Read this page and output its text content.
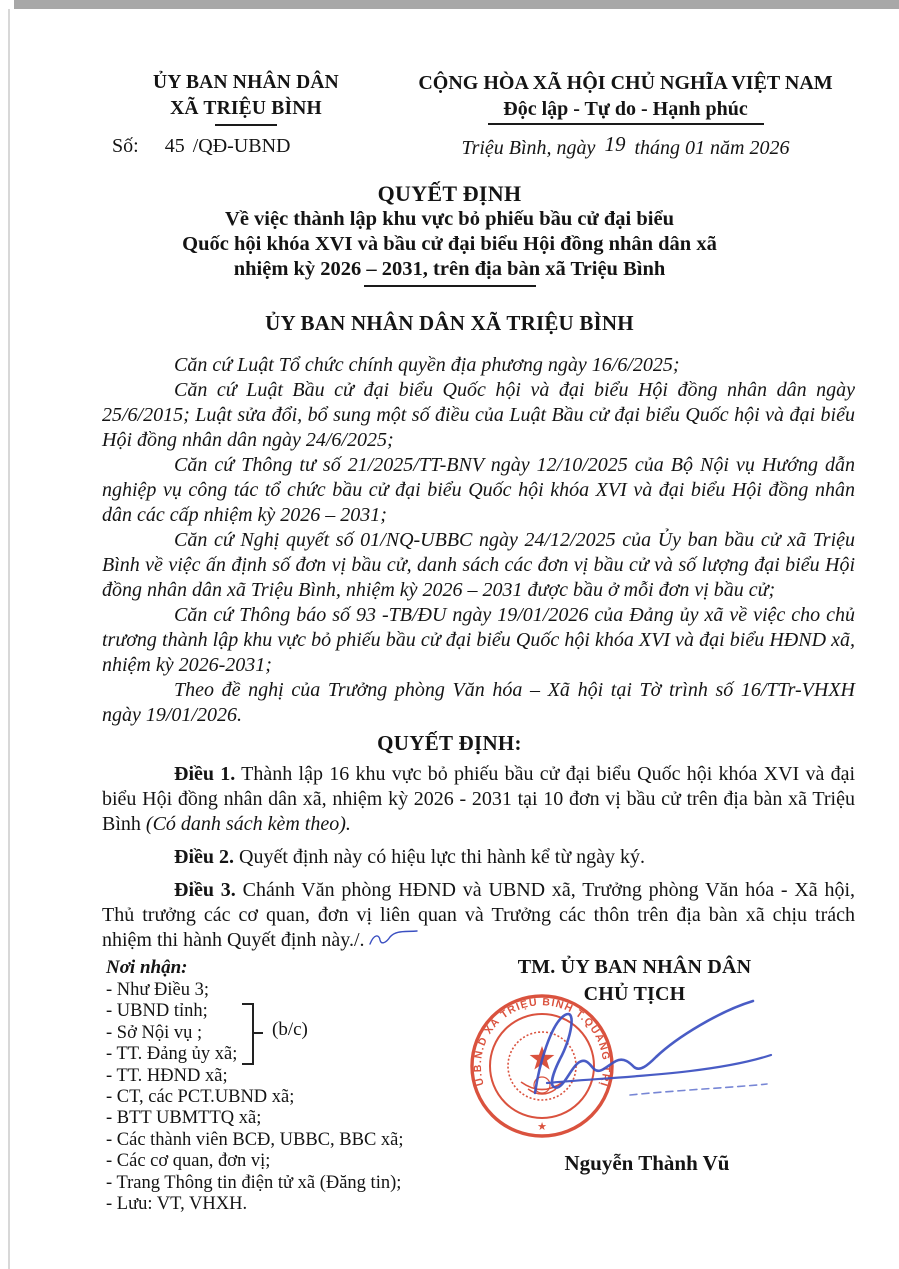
ỦY BAN NHÂN DÂN
XÃ TRIỆU BÌNH
CỘNG HÒA XÃ HỘI CHỦ NGHĨA VIỆT NAM
Độc lập - Tự do - Hạnh phúc
Số: 45 /QĐ-UBND	Triệu Bình, ngày 19 tháng 01 năm 2026
QUYẾT ĐỊNH
Về việc thành lập khu vực bỏ phiếu bầu cử đại biểu
Quốc hội khóa XVI và bầu cử đại biểu Hội đồng nhân dân xã
nhiệm kỳ 2026 – 2031, trên địa bàn xã Triệu Bình
ỦY BAN NHÂN DÂN XÃ TRIỆU BÌNH

Căn cứ Luật Tổ chức chính quyền địa phương ngày 16/6/2025;

Căn cứ Luật Bầu cử đại biểu Quốc hội và đại biểu Hội đồng nhân dân ngày 25/6/2015; Luật sửa đổi, bổ sung một số điều của Luật Bầu cử đại biểu Quốc hội và đại biểu Hội đồng nhân dân ngày 24/6/2025;

Căn cứ Thông tư số 21/2025/TT-BNV ngày 12/10/2025 của Bộ Nội vụ Hướng dẫn nghiệp vụ công tác tổ chức bầu cử đại biểu Quốc hội khóa XVI và đại biểu Hội đồng nhân dân các cấp nhiệm kỳ 2026 – 2031;

Căn cứ Nghị quyết số 01/NQ-UBBC ngày 24/12/2025 của Ủy ban bầu cử xã Triệu Bình về việc ấn định số đơn vị bầu cử, danh sách các đơn vị bầu cử và số lượng đại biểu Hội đồng nhân dân xã Triệu Bình, nhiệm kỳ 2026 – 2031 được bầu ở mỗi đơn vị bầu cử;

Căn cứ Thông báo số 93 -TB/ĐU ngày 19/01/2026 của Đảng ủy xã về việc cho chủ trương thành lập khu vực bỏ phiếu bầu cử đại biểu Quốc hội khóa XVI và đại biểu HĐND xã, nhiệm kỳ 2026-2031;

Theo đề nghị của Trưởng phòng Văn hóa – Xã hội tại Tờ trình số 16/TTr-VHXH ngày 19/01/2026.

QUYẾT ĐỊNH:

Điều 1. Thành lập 16 khu vực bỏ phiếu bầu cử đại biểu Quốc hội khóa XVI và đại biểu Hội đồng nhân dân xã, nhiệm kỳ 2026 - 2031 tại 10 đơn vị bầu cử trên địa bàn xã Triệu Bình (Có danh sách kèm theo).

Điều 2. Quyết định này có hiệu lực thi hành kể từ ngày ký.

Điều 3. Chánh Văn phòng HĐND và UBND xã, Trưởng phòng Văn hóa - Xã hội, Thủ trưởng các cơ quan, đơn vị liên quan và Trưởng các thôn trên địa bàn xã chịu trách nhiệm thi hành Quyết định này./.

Nơi nhận:
- Như Điều 3;
- UBND tỉnh;
- Sở Nội vụ ;
- TT. Đảng ủy xã;
- TT. HĐND xã;
- CT, các PCT.UBND xã;
- BTT UBMTTQ xã;
- Các thành viên BCĐ, UBBC, BBC xã;
- Các cơ quan, đơn vị;
- Trang Thông tin điện tử xã (Đăng tin);
- Lưu: VT, VHXH.
(b/c)
TM. ỦY BAN NHÂN DÂN
CHỦ TỊCH
U.B.N.D XÃ TRIỆU BÌNH T.QUẢNG TRỊ
★
Nguyễn Thành Vũ
